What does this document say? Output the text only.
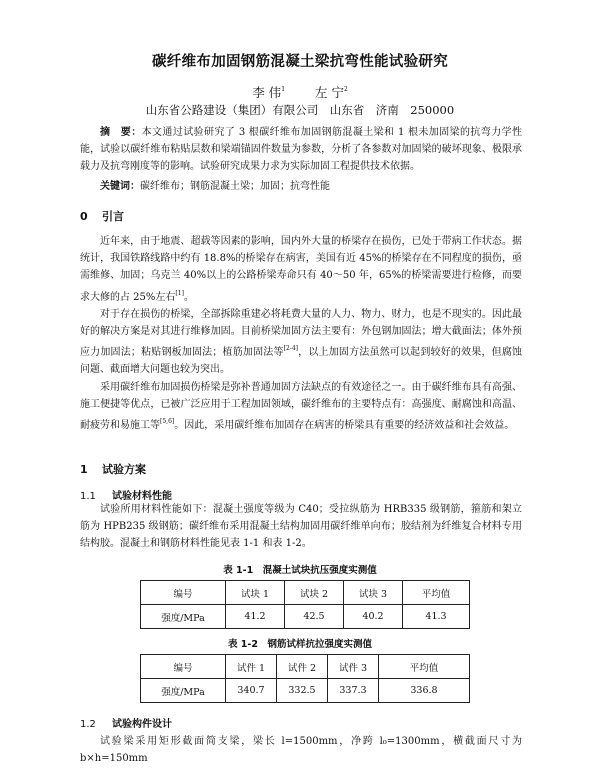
碳纤维布加固钢筋混凝土梁抗弯性能试验研究
李 伟$^1$ 左 宁$^2$
山东省公路建设（集团）有限公司　山东省　济南　250000
摘　要：本文通过试验研究了 3 根碳纤维布加固钢筋混凝土梁和 1 根未加固梁的抗弯力学性能，试验以碳纤维布粘贴层数和梁端锚固件数量为参数，分析了各参数对加固梁的破坏现象、极限承载力及抗弯刚度等的影响。试验研究成果力求为实际加固工程提供技术依据。
关键词：碳纤维布；钢筋混凝土梁；加固；抗弯性能
0 引言

近年来，由于地震、超载等因素的影响，国内外大量的桥梁存在损伤，已处于带病工作状态。据统计，我国铁路线路中约有 18.8%的桥梁存在病害，美国有近 45%的桥梁存在不同程度的损伤，亟需维修、加固；乌克兰 40%以上的公路桥梁寿命只有 40～50 年，65%的桥梁需要进行检修，而要求大修的占 25%左右[1]。

对于存在损伤的桥梁，全部拆除重建必将耗费大量的人力、物力、财力，也是不现实的。因此最好的解决方案是对其进行维修加固。目前桥梁加固方法主要有：外包钢加固法；增大截面法；体外预应力加固法；粘贴钢板加固法；植筋加固法等[2-4]，以上加固方法虽然可以起到较好的效果，但腐蚀问题、截面增大问题也较为突出。

采用碳纤维布加固损伤桥梁是弥补普通加固方法缺点的有效途径之一。由于碳纤维布具有高强、施工便捷等优点，已被广泛应用于工程加固领域，碳纤维布的主要特点有：高强度、耐腐蚀和高温、耐疲劳和易施工等[5,6]。因此，采用碳纤维布加固存在病害的桥梁具有重要的经济效益和社会效益。

1 试验方案
1.1 试验材料性能

试验所用材料性能如下：混凝土强度等级为 C40；受拉纵筋为 HRB335 级钢筋，箍筋和架立筋为 HPB235 级钢筋；碳纤维布采用混凝土结构加固用碳纤维单向布；胶结剂为纤维复合材料专用结构胶。混凝土和钢筋材料性能见表 1-1 和表 1-2。

表 1-1　混凝土试块抗压强度实测值
编号	试块 1	试块 2	试块 3	平均值
强度/MPa	41.2	42.5	40.2	41.3
表 1-2　钢筋试样抗拉强度实测值
编号	试件 1	试件 2	试件 3	平均值
强度/MPa	340.7	332.5	337.3	336.8
1.2 试验构件设计

试验梁采用矩形截面简支梁，梁长 l=1500mm，净跨 l₀=1300mm，横截面尺寸为 b×h=150mm
